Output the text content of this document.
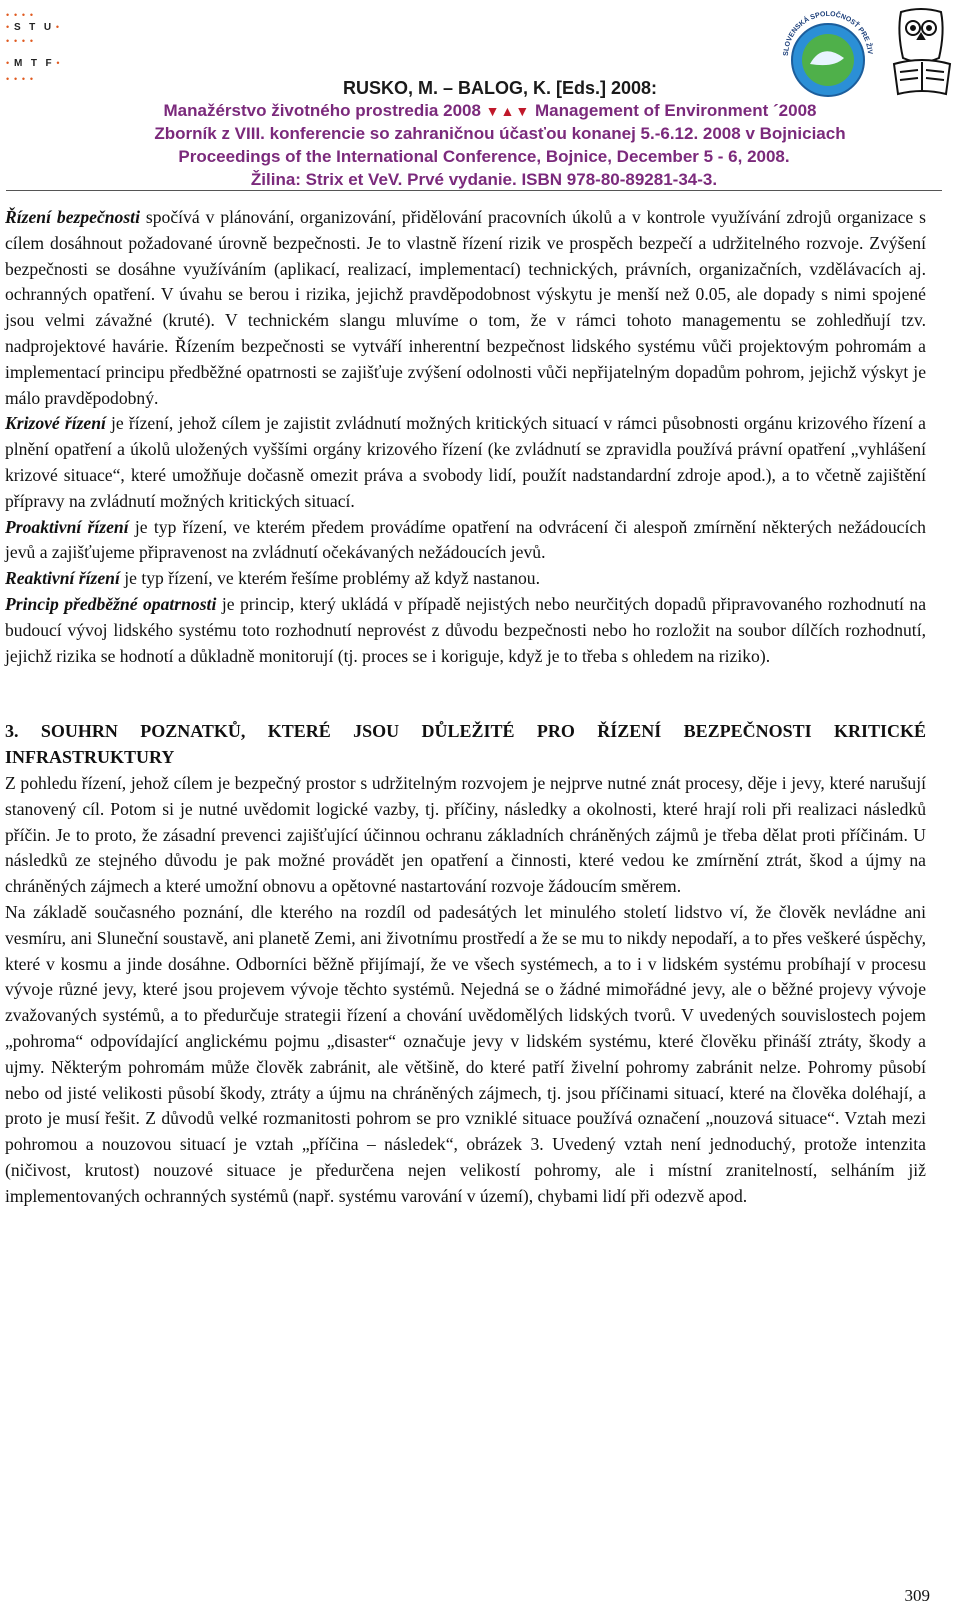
• • • •
• S T U •
• • • •
• M T F •
• • • •
SLOVENSKÁ SPOLOČNOSŤ PRE ŽIV
RUSKO, M. – BALOG, K. [Eds.] 2008:
Manažérstvo životného prostredia 2008 ▼▲▼ Management of Environment ´2008
Zborník z VIII. konferencie so zahraničnou účasťou konanej 5.-6.12. 2008 v Bojniciach
Proceedings of the International Conference, Bojnice, December 5 - 6, 2008.
Žilina: Strix et VeV. Prvé vydanie. ISBN 978-80-89281-34-3.

Řízení bezpečnosti spočívá v plánování, organizování, přidělování pracovních úkolů a v kontrole využívání zdrojů organizace s cílem dosáhnout požadované úrovně bezpečnosti. Je to vlastně řízení rizik ve prospěch bezpečí a udržitelného rozvoje. Zvýšení bezpečnosti se dosáhne využíváním (aplikací, realizací, implementací) technických, právních, organizačních, vzdělávacích aj. ochranných opatření. V úvahu se berou i rizika, jejichž pravděpodobnost výskytu je menší než 0.05, ale dopady s nimi spojené jsou velmi závažné (kruté). V technickém slangu mluvíme o tom, že v rámci tohoto managementu se zohledňují tzv. nadprojektové havárie. Řízením bezpečnosti se vytváří inherentní bezpečnost lidského systému vůči projektovým pohromám a implementací principu předběžné opatrnosti se zajišťuje zvýšení odolnosti vůči nepřijatelným dopadům pohrom, jejichž výskyt je málo pravděpodobný.

Krizové řízení je řízení, jehož cílem je zajistit zvládnutí možných kritických situací v rámci působnosti orgánu krizového řízení a plnění opatření a úkolů uložených vyššími orgány krizového řízení (ke zvládnutí se zpravidla používá právní opatření „vyhlášení krizové situace“, které umožňuje dočasně omezit práva a svobody lidí, použít nadstandardní zdroje apod.), a to včetně zajištění přípravy na zvládnutí možných kritických situací.

Proaktivní řízení je typ řízení, ve kterém předem provádíme opatření na odvrácení či alespoň zmírnění některých nežádoucích jevů a zajišťujeme připravenost na zvládnutí očekávaných nežádoucích jevů.

Reaktivní řízení je typ řízení, ve kterém řešíme problémy až když nastanou.

Princip předběžné opatrnosti je princip, který ukládá v případě nejistých nebo neurčitých dopadů připravovaného rozhodnutí na budoucí vývoj lidského systému toto rozhodnutí neprovést z důvodu bezpečnosti nebo ho rozložit na soubor dílčích rozhodnutí, jejichž rizika se hodnotí a důkladně monitorují (tj. proces se i koriguje, když je to třeba s ohledem na riziko).

3. SOUHRN POZNATKŮ, KTERÉ JSOU DŮLEŽITÉ PRO ŘÍZENÍ BEZPEČNOSTI KRITICKÉ INFRASTRUKTURY

Z pohledu řízení, jehož cílem je bezpečný prostor s udržitelným rozvojem je nejprve nutné znát procesy, děje i jevy, které narušují stanovený cíl. Potom si je nutné uvědomit logické vazby, tj. příčiny, následky a okolnosti, které hrají roli při realizaci následků příčin. Je to proto, že zásadní prevenci zajišťující účinnou ochranu základních chráněných zájmů je třeba dělat proti příčinám. U následků ze stejného důvodu je pak možné provádět jen opatření a činnosti, které vedou ke zmírnění ztrát, škod a újmy na chráněných zájmech a které umožní obnovu a opětovné nastartování rozvoje žádoucím směrem.

Na základě současného poznání, dle kterého na rozdíl od padesátých let minulého století lidstvo ví, že člověk nevládne ani vesmíru, ani Sluneční soustavě, ani planetě Zemi, ani životnímu prostředí a že se mu to nikdy nepodaří, a to přes veškeré úspěchy, které v kosmu a jinde dosáhne. Odborníci běžně přijímají, že ve všech systémech, a to i v lidském systému probíhají v procesu vývoje různé jevy, které jsou projevem vývoje těchto systémů. Nejedná se o žádné mimořádné jevy, ale o běžné projevy vývoje zvažovaných systémů, a to předurčuje strategii řízení a chování uvědomělých lidských tvorů. V uvedených souvislostech pojem „pohroma“ odpovídající anglickému pojmu „disaster“ označuje jevy v lidském systému, které člověku přináší ztráty, škody a ujmy. Některým pohromám může člověk zabránit, ale většině, do které patří živelní pohromy zabránit nelze. Pohromy působí nebo od jisté velikosti působí škody, ztráty a újmu na chráněných zájmech, tj. jsou příčinami situací, které na člověka doléhají, a proto je musí řešit. Z důvodů velké rozmanitosti pohrom se pro vzniklé situace používá označení „nouzová situace“. Vztah mezi pohromou a nouzovou situací je vztah „příčina – následek“, obrázek 3. Uvedený vztah není jednoduchý, protože intenzita (ničivost, krutost) nouzové situace je předurčena nejen velikostí pohromy, ale i místní zranitelností, selháním již implementovaných ochranných systémů (např. systému varování v území), chybami lidí při odezvě apod.

309
